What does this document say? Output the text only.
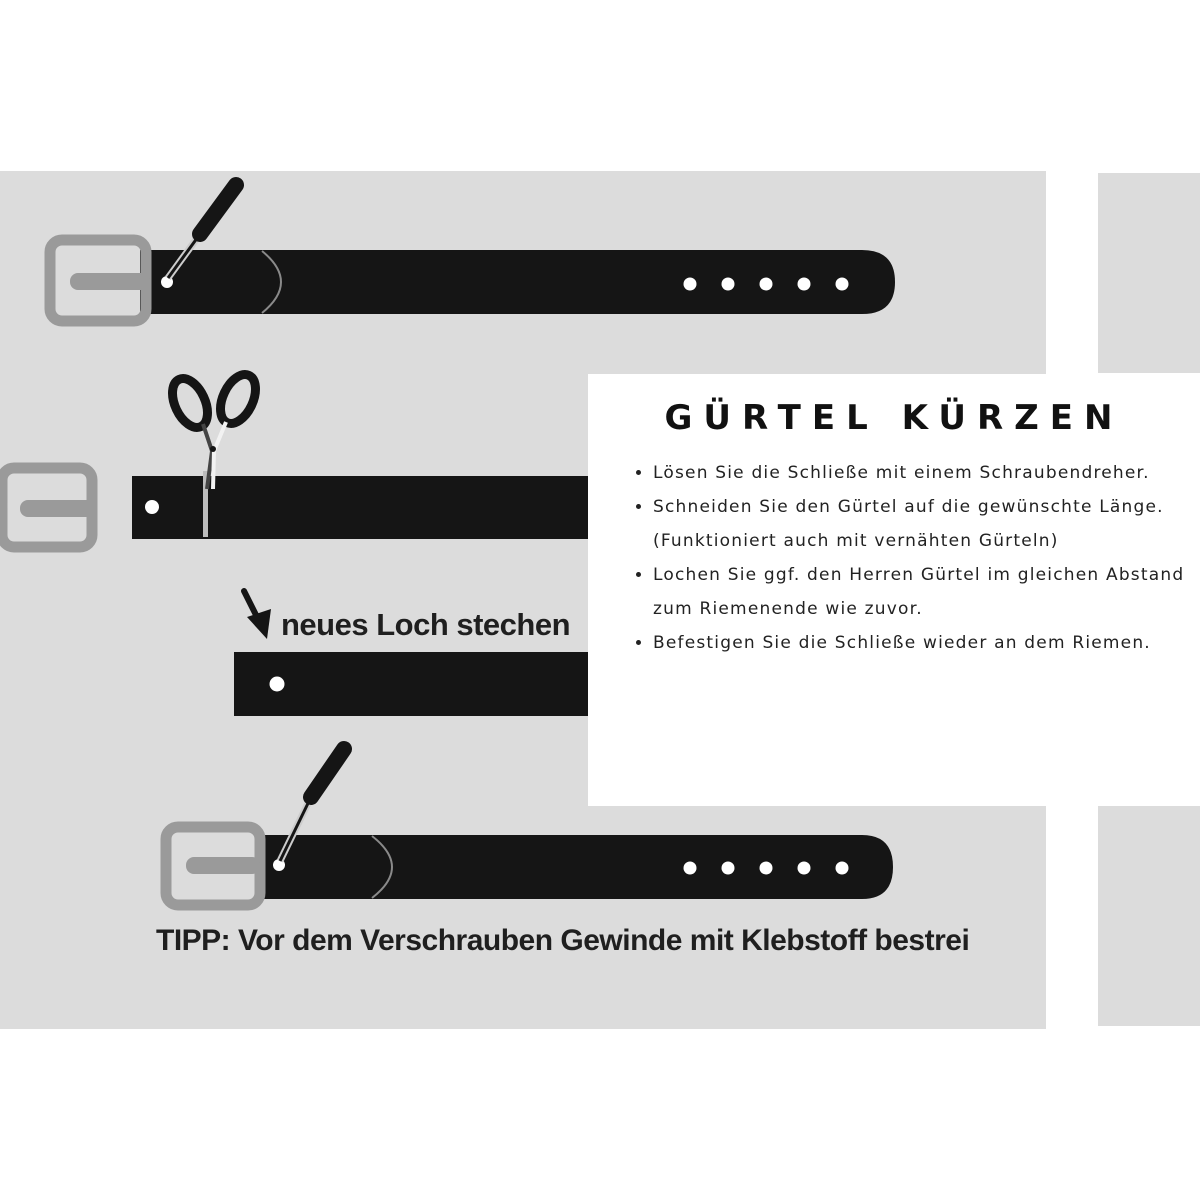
neues Loch stechen
TIPP: Vor dem Verschrauben Gewinde mit Klebstoff bestrei
GÜRTEL KÜRZEN
• Lösen Sie die Schließe mit einem Schraubendreher.
• Schneiden Sie den Gürtel auf die gewünschte Länge. (Funktioniert auch mit vernähten Gürteln)
• Lochen Sie ggf. den Herren Gürtel im gleichen Abstand zum Riemenende wie zuvor.
• Befestigen Sie die Schließe wieder an dem Riemen.
